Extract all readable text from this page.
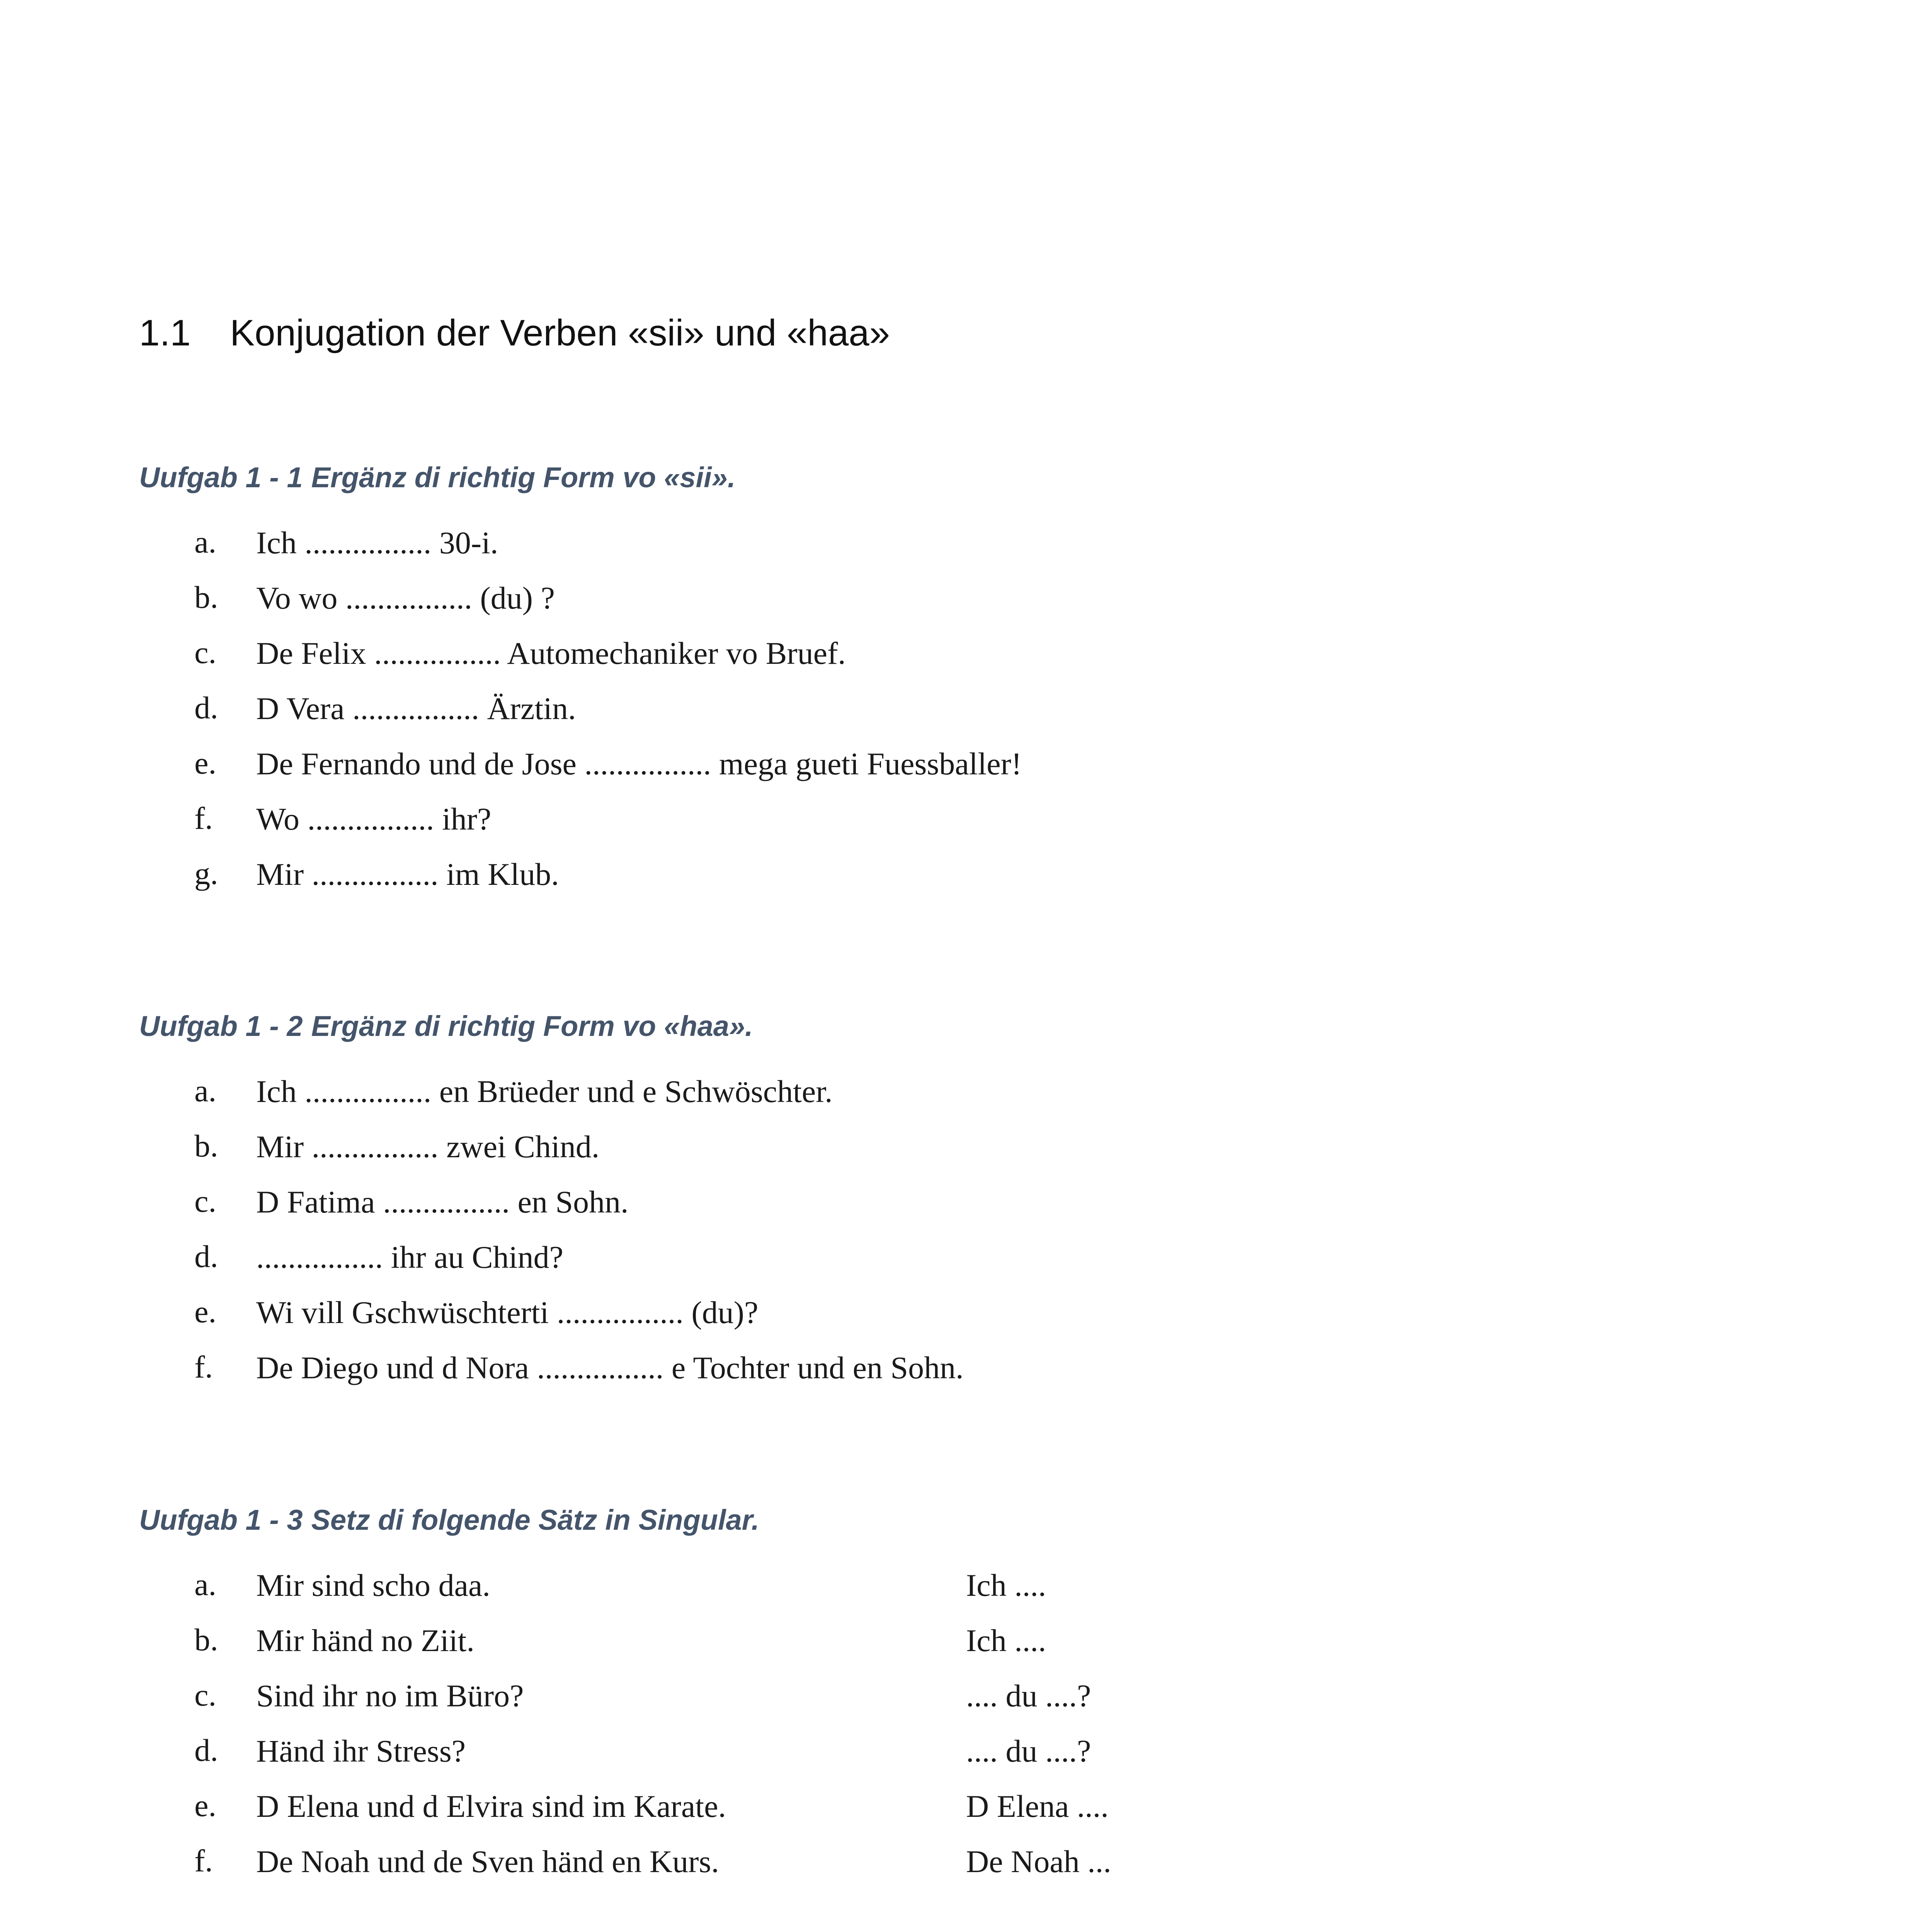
1.1 Konjugation der Verben «sii» und «haa»
Uufgab 1 - 1 Ergänz di richtig Form vo «sii».
a. Ich ................ 30-i.
b. Vo wo ................ (du) ?
c. De Felix ................ Automechaniker vo Bruef.
d. D Vera ................ Ärztin.
e. De Fernando und de Jose ................ mega gueti Fuessballer!
f. Wo ................ ihr?
g. Mir ................ im Klub.
Uufgab 1 - 2 Ergänz di richtig Form vo «haa».
a. Ich ................ en Brüeder und e Schwöschter.
b. Mir ................ zwei Chind.
c. D Fatima ................ en Sohn.
d. ................ ihr au Chind?
e. Wi vill Gschwüschterti ................ (du)?
f. De Diego und d Nora ................ e Tochter und en Sohn.
Uufgab 1 - 3 Setz di folgende Sätz in Singular.
a. Mir sind scho daa.	Ich ....
b. Mir händ no Ziit.	Ich ....
c. Sind ihr no im Büro?	.... du ....?
d. Händ ihr Stress?	.... du ....?
e. D Elena und d Elvira sind im Karate.	D Elena ....
f. De Noah und de Sven händ en Kurs.	De Noah ...
